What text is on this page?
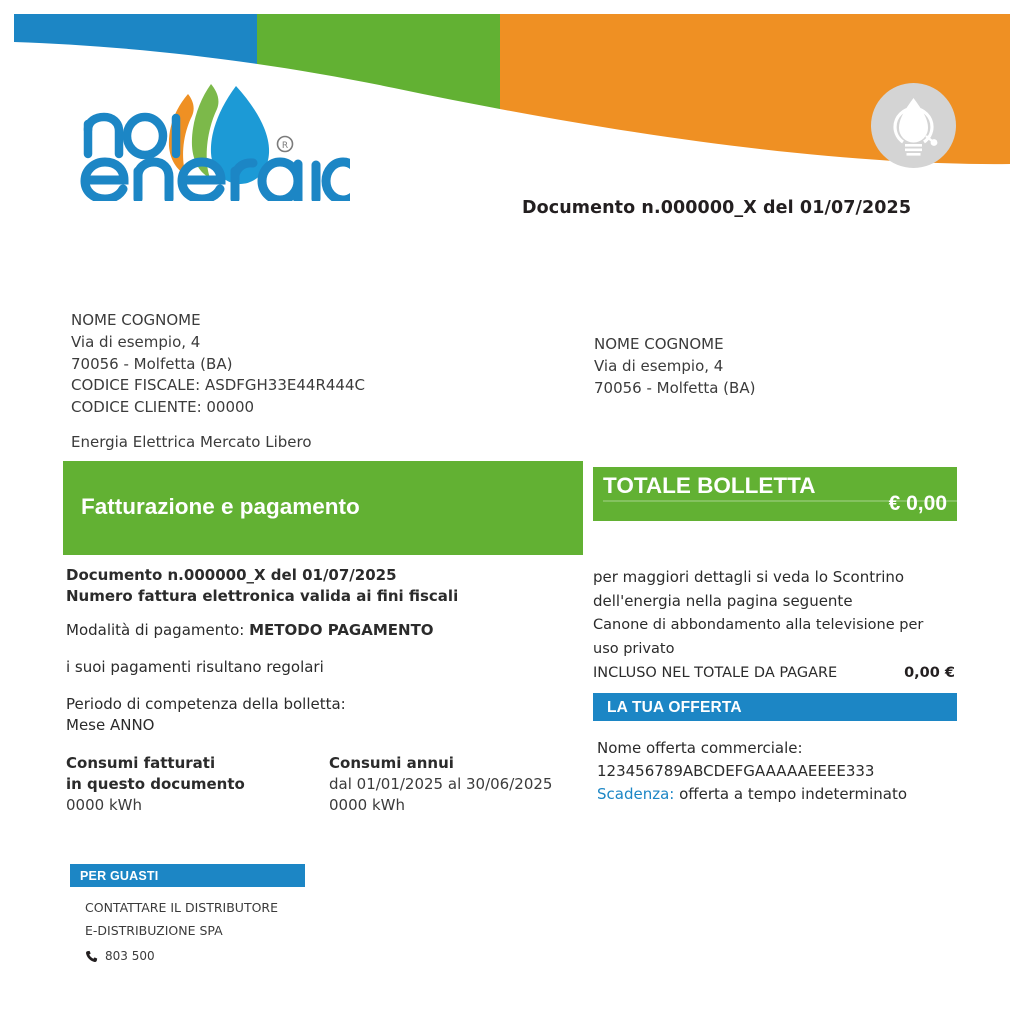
R
Documento n.000000_X del 01/07/2025
NOME COGNOME
Via di esempio, 4
70056 - Molfetta (BA)
CODICE FISCALE: ASDFGH33E44R444C
CODICE CLIENTE: 00000
Energia Elettrica Mercato Libero
NOME COGNOME
Via di esempio, 4
70056 - Molfetta (BA)
Fatturazione e pagamento
TOTALE BOLLETTA
€ 0,00
Documento n.000000_X del 01/07/2025
Numero fattura elettronica valida ai fini fiscali
Modalità di pagamento: METODO PAGAMENTO
i suoi pagamenti risultano regolari
Periodo di competenza della bolletta:
Mese ANNO
Consumi fatturati
in questo documento
0000 kWh
Consumi annui
dal 01/01/2025 al 30/06/2025
0000 kWh
PER GUASTI
CONTATTARE IL DISTRIBUTORE
E-DISTRIBUZIONE SPA
803 500
per maggiori dettagli si veda lo Scontrino
dell'energia nella pagina seguente
Canone di abbondamento alla televisione per
uso privato
INCLUSO NEL TOTALE DA PAGARE	0,00 €
LA TUA OFFERTA
Nome offerta commerciale:
123456789ABCDEFGAAAAAEEEE333
Scadenza: offerta a tempo indeterminato
